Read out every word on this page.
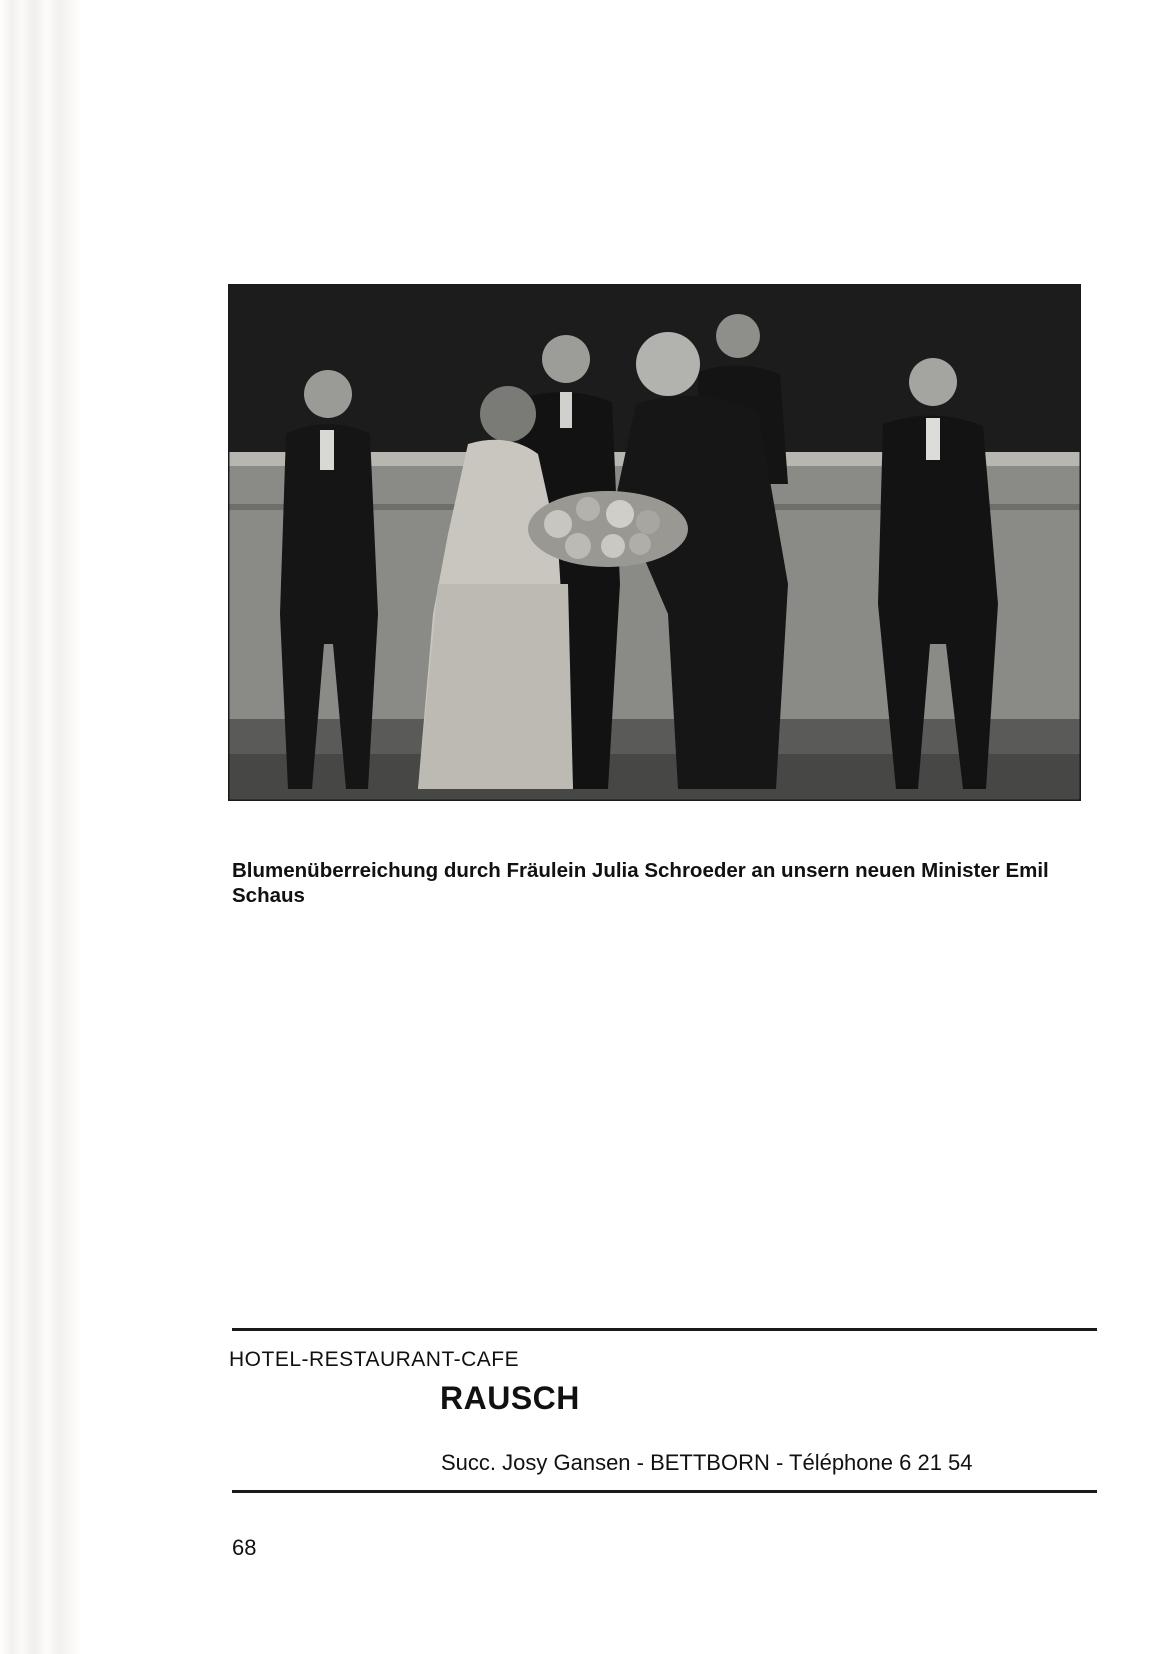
Blumenüberreichung durch Fräulein Julia Schroeder an unsern neuen Minister Emil Schaus
HOTEL-RESTAURANT-CAFE
RAUSCH
Succ. Josy Gansen - BETTBORN - Téléphone 6 21 54
68
